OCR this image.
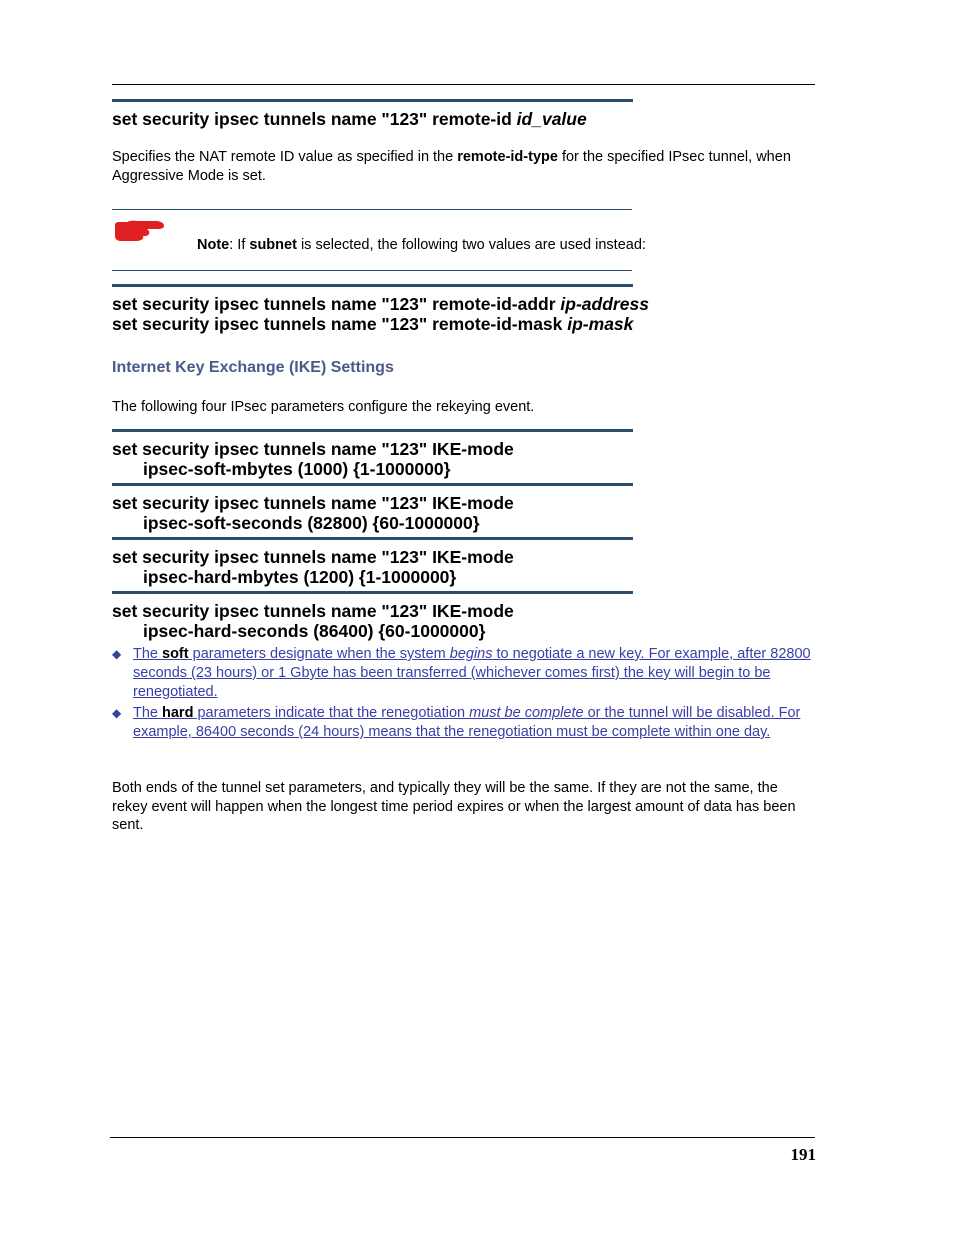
set security ipsec tunnels name "123" remote-id id_value
Specifies the NAT remote ID value as specified in the remote-id-type for the specified IPsec tunnel, when Aggressive Mode is set.
Note: If subnet is selected, the following two values are used instead:
set security ipsec tunnels name "123" remote-id-addr ip-address
set security ipsec tunnels name "123" remote-id-mask ip-mask
Internet Key Exchange (IKE) Settings
The following four IPsec parameters configure the rekeying event.
set security ipsec tunnels name "123" IKE-mode
ipsec-soft-mbytes (1000) {1-1000000}
set security ipsec tunnels name "123" IKE-mode
ipsec-soft-seconds (82800) {60-1000000}
set security ipsec tunnels name "123" IKE-mode
ipsec-hard-mbytes (1200) {1-1000000}
set security ipsec tunnels name "123" IKE-mode
ipsec-hard-seconds (86400) {60-1000000}
◆ The soft parameters designate when the system begins to negotiate a new key. For example, after 82800 seconds (23 hours) or 1 Gbyte has been transferred (whichever comes first) the key will begin to be renegotiated.
◆ The hard parameters indicate that the renegotiation must be complete or the tunnel will be disabled. For example, 86400 seconds (24 hours) means that the renegotiation must be complete within one day.
Both ends of the tunnel set parameters, and typically they will be the same. If they are not the same, the rekey event will happen when the longest time period expires or when the largest amount of data has been sent.
191
